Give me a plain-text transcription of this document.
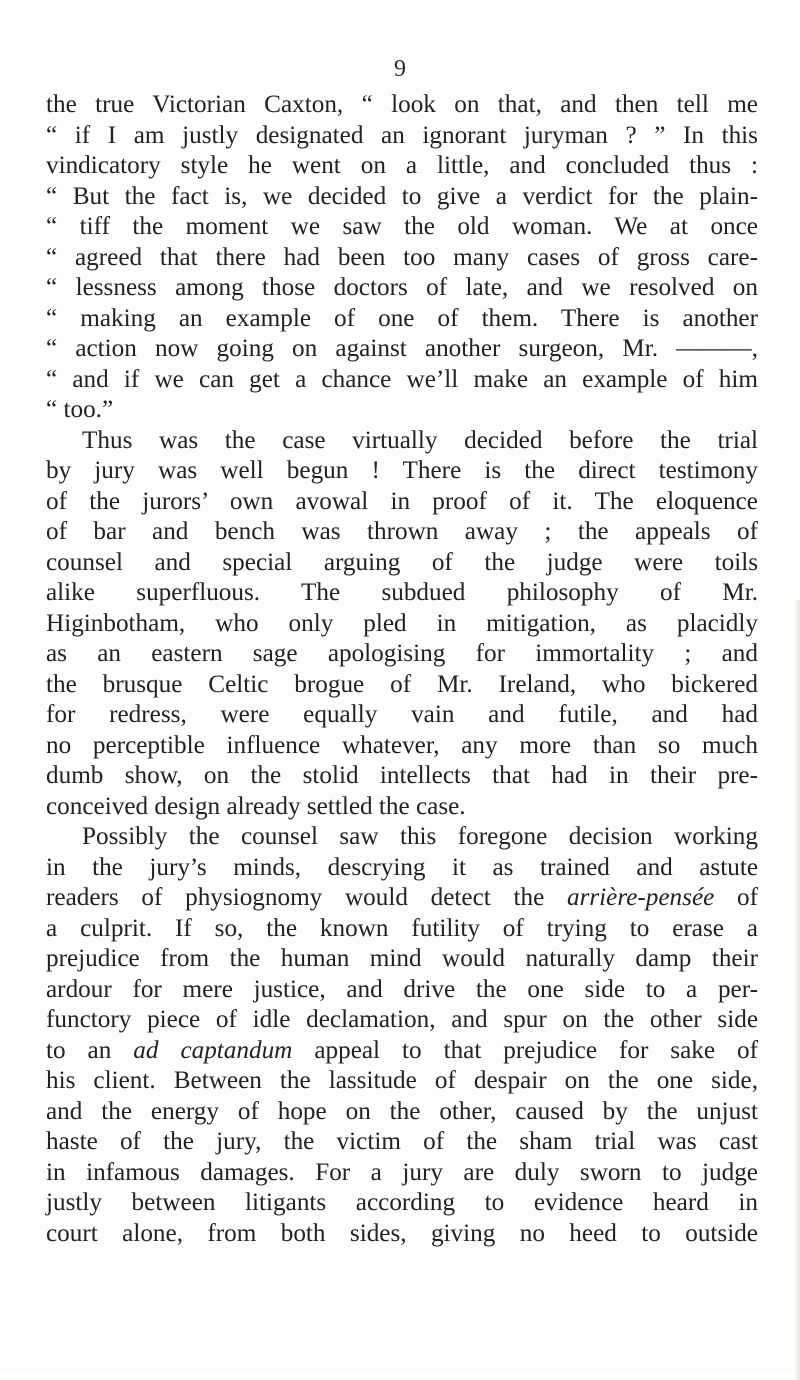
9
the true Victorian Caxton, “ look on that, and then tell me
“ if I am justly designated an ignorant juryman ? ” In this
vindicatory style he went on a little, and concluded thus :
“ But the fact is, we decided to give a verdict for the plain-
“ tiff the moment we saw the old woman. We at once
“ agreed that there had been too many cases of gross care-
“ lessness among those doctors of late, and we resolved on
“ making an example of one of them. There is another
“ action now going on against another surgeon, Mr. ———,
“ and if we can get a chance we’ll make an example of him
“ too.”
Thus was the case virtually decided before the trial
by jury was well begun ! There is the direct testimony
of the jurors’ own avowal in proof of it. The eloquence
of bar and bench was thrown away ; the appeals of
counsel and special arguing of the judge were toils
alike superfluous. The subdued philosophy of Mr.
Higinbotham, who only pled in mitigation, as placidly
as an eastern sage apologising for immortality ; and
the brusque Celtic brogue of Mr. Ireland, who bickered
for redress, were equally vain and futile, and had
no perceptible influence whatever, any more than so much
dumb show, on the stolid intellects that had in their pre-
conceived design already settled the case.
Possibly the counsel saw this foregone decision working
in the jury’s minds, descrying it as trained and astute
readers of physiognomy would detect the arrière-pensée of
a culprit. If so, the known futility of trying to erase a
prejudice from the human mind would naturally damp their
ardour for mere justice, and drive the one side to a per-
functory piece of idle declamation, and spur on the other side
to an ad captandum appeal to that prejudice for sake of
his client. Between the lassitude of despair on the one side,
and the energy of hope on the other, caused by the unjust
haste of the jury, the victim of the sham trial was cast
in infamous damages. For a jury are duly sworn to judge
justly between litigants according to evidence heard in
court alone, from both sides, giving no heed to outside
